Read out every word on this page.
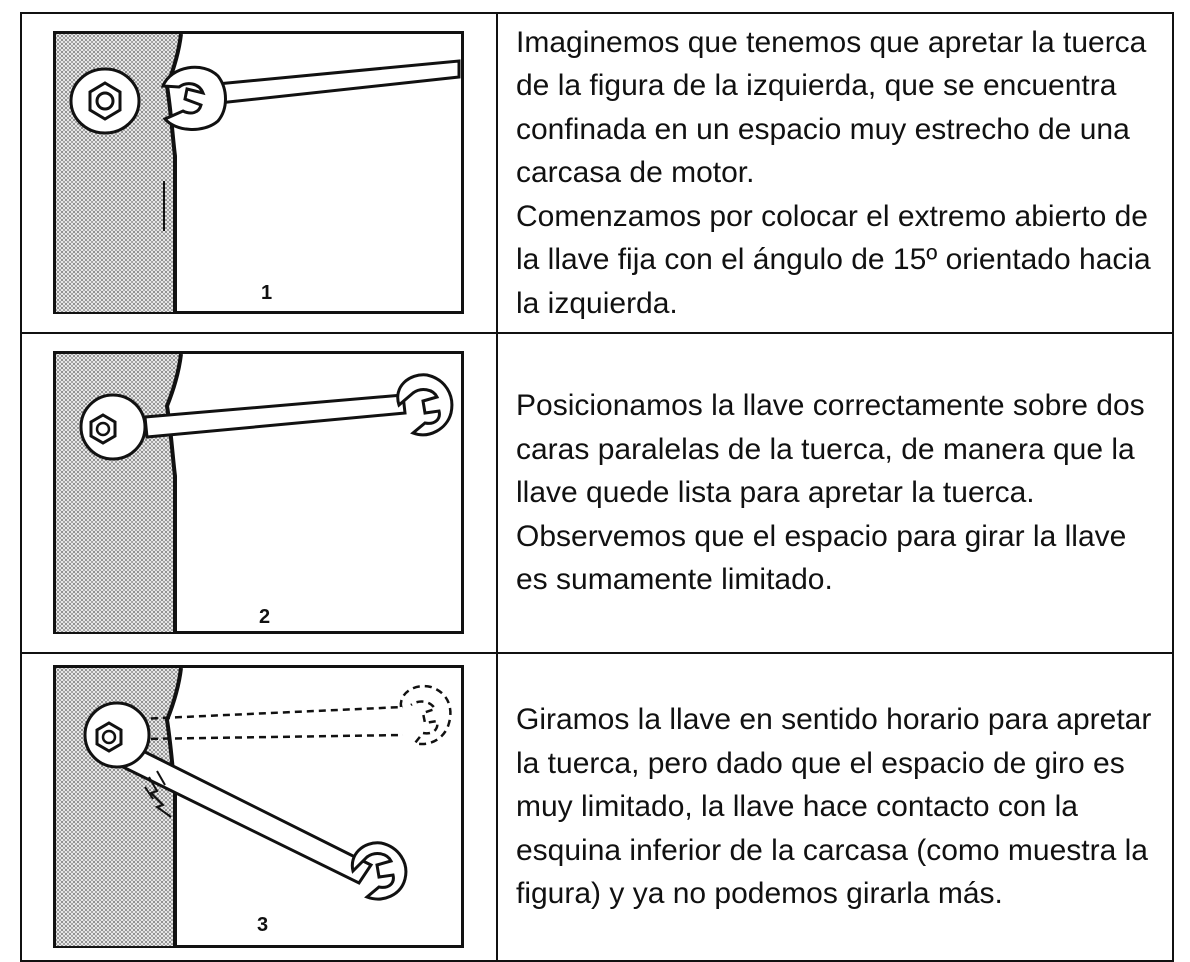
1	Imaginemos que tenemos que apretar la tuerca de la figura de la izquierda, que se encuentra confinada en un espacio muy estrecho de una carcasa de motor.

Comenzamos por colocar el extremo abierto de la llave fija con el ángulo de 15º orientado hacia la izquierda.

2	Posicionamos la llave correctamente sobre dos caras paralelas de la tuerca, de manera que la llave quede lista para apretar la tuerca.

Observemos que el espacio para girar la llave es sumamente limitado.

3	Giramos la llave en sentido horario para apretar la tuerca, pero dado que el espacio de giro es muy limitado, la llave hace contacto con la esquina inferior de la carcasa (como muestra la figura) y ya no podemos girarla más.
